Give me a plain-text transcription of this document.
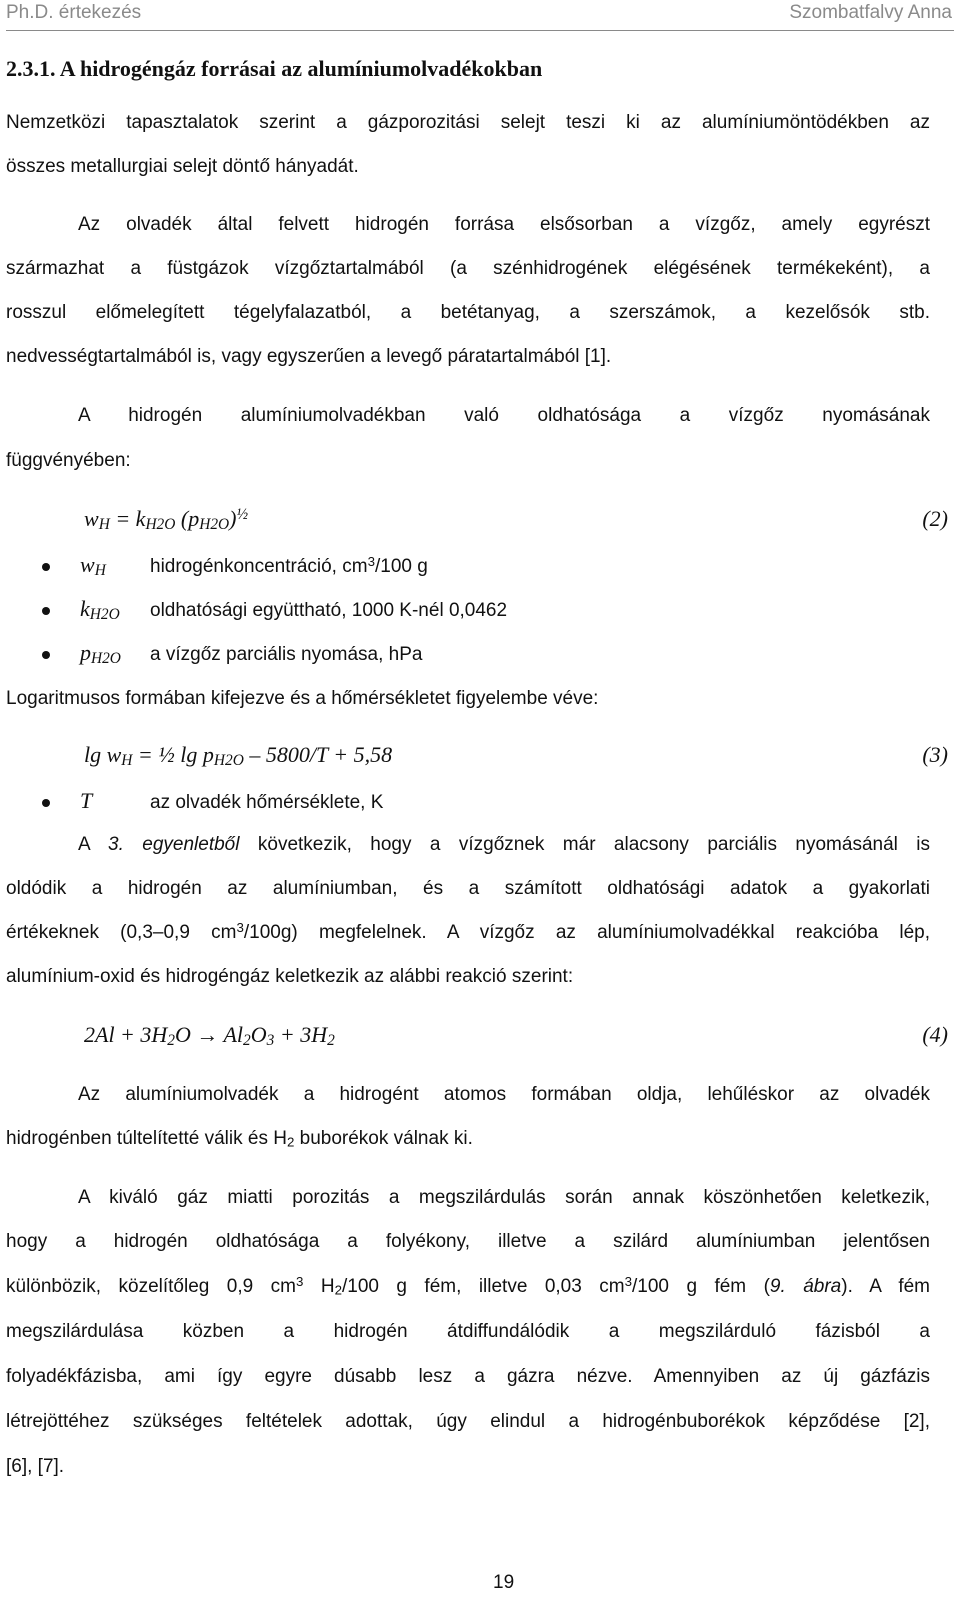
Ph.D. értekezés	Szombatfalvy Anna
2.3.1. A hidrogéngáz forrásai az alumíniumolvadékokban
Nemzetközi tapasztalatok szerint a gázporozitási selejt teszi ki az alumíniumöntödékben az
összes metallurgiai selejt döntő hányadát.
Az olvadék által felvett hidrogén forrása elsősorban a vízgőz, amely egyrészt
származhat a füstgázok vízgőztartalmából (a szénhidrogének elégésének termékeként), a
rosszul előmelegített tégelyfalazatból, a betétanyag, a szerszámok, a kezelősók stb.
nedvességtartalmából is, vagy egyszerűen a levegő páratartalmából [1].
A hidrogén alumíniumolvadékban való oldhatósága a vízgőz nyomásának
függvényében:
$w_H = k_{H2O}$ $(p_{H2O})^{\frac{1}{2}}$	(2)
$w_H$ hidrogénkoncentráció, $cm^3/100$ g
$k_{H2O}$ oldhatósági együttható, 1000 K-nél 0,0462
$p_{H2O}$ a vízgőz parciális nyomása, hPa
Logaritmusos formában kifejezve és a hőmérsékletet figyelembe véve:
$\lg w_H$ = ½ $\lg p_{H2O} - 5800/T + 5,58$	(3)
T	az olvadék hőmérséklete, K
A 3. egyenletből következik, hogy a vízgőznek már alacsony parciális nyomásánál is
oldódik a hidrogén az alumíniumban, és a számított oldhatósági adatok a gyakorlati
értékeknek (0,3–0,9 $cm^3/100g$) megfelelnek. A vízgőz az alumíniumolvadékkal reakcióba lép,
alumínium-oxid és hidrogéngáz keletkezik az alábbi reakció szerint:
$2Al + 3H_2O \to Al_2O_3 + 3H_2$	(4)
Az alumíniumolvadék a hidrogént atomos formában oldja, lehűléskor az olvadék
hidrogénben túltelítetté válik és $H_2$ buborékok válnak ki.
A kiváló gáz miatti porozitás a megszilárdulás során annak köszönhetően keletkezik,
hogy a hidrogén oldhatósága a folyékony, illetve a szilárd alumíniumban jelentősen
különbözik, közelítőleg 0,9 $cm^3$ $H_2/100$ g fém, illetve 0,03 $cm^3/100$ g fém (9. ábra). A fém
megszilárdulása közben a hidrogén átdiffundálódik a megszilárduló fázisból a
folyadékfázisba, ami így egyre dúsabb lesz a gázra nézve. Amennyiben az új gázfázis
létrejöttéhez szükséges feltételek adottak, úgy elindul a hidrogénbuborékok képződése [2],
[6], [7].
19
